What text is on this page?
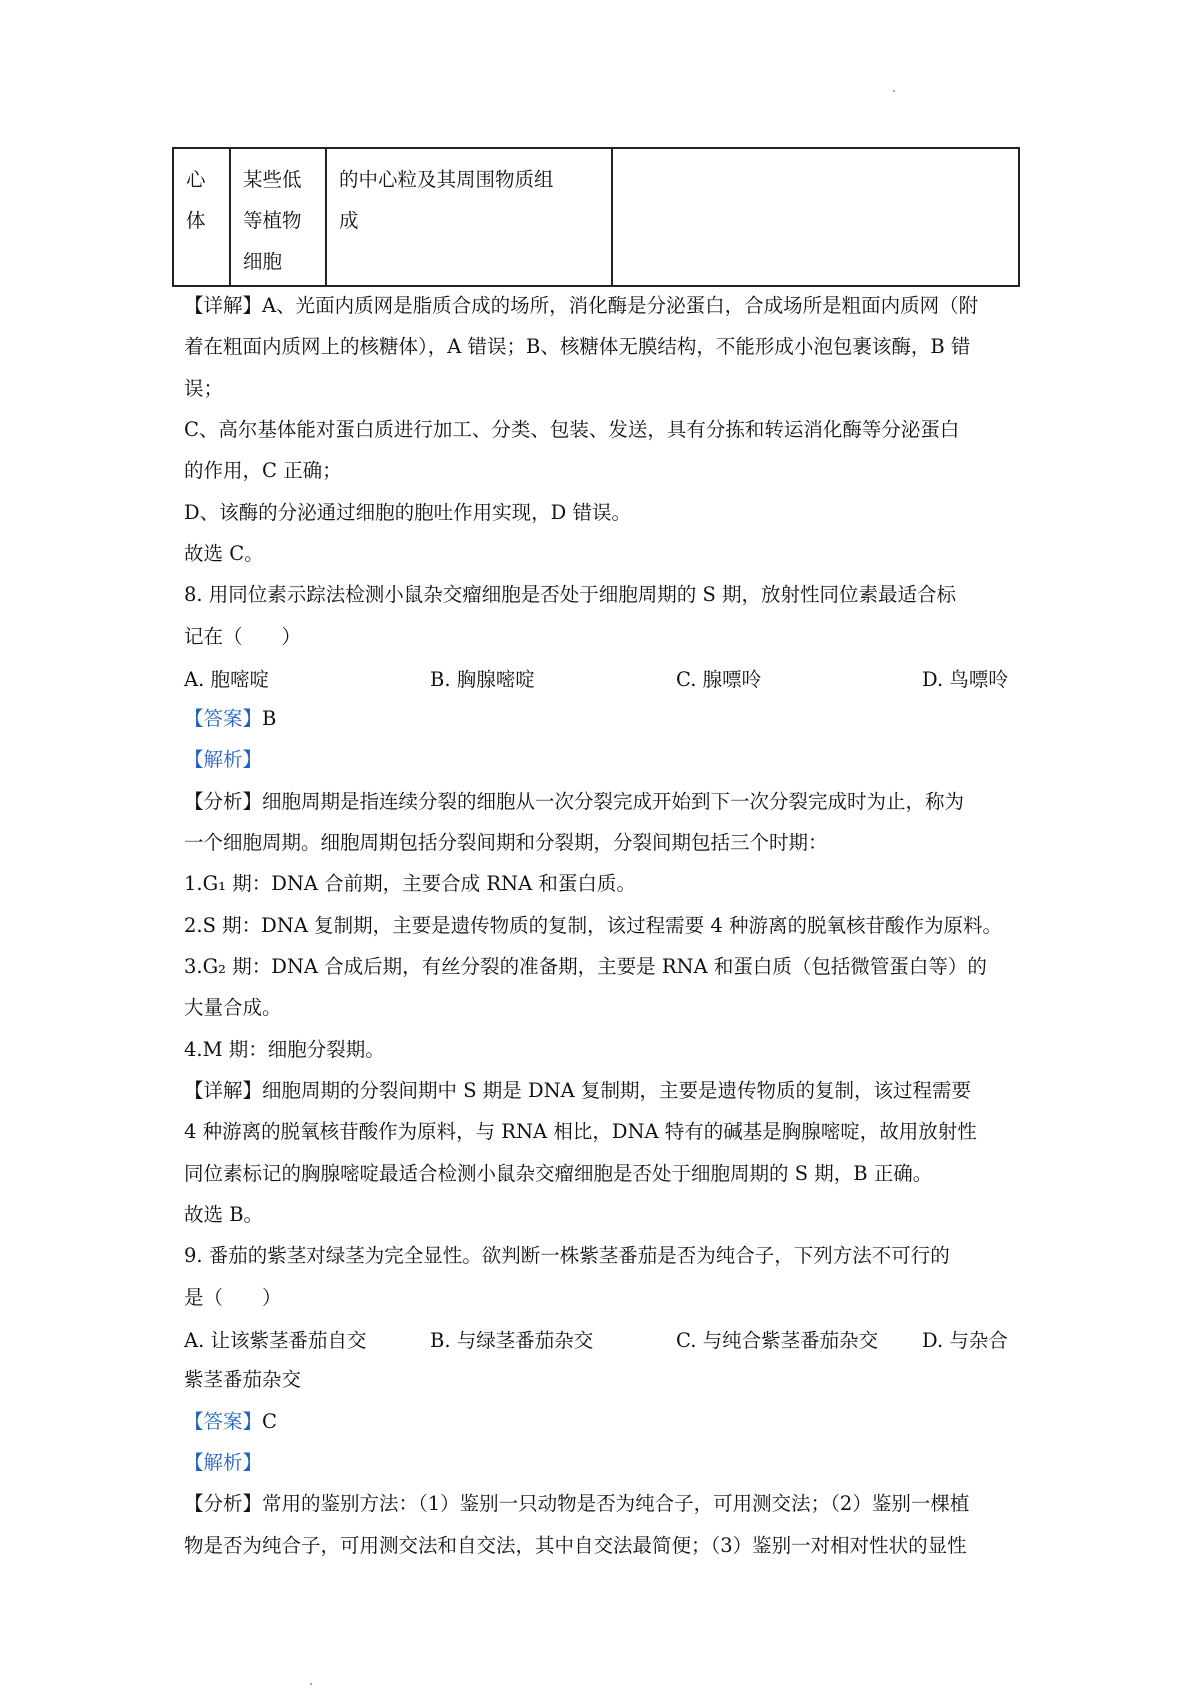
心
体

某些低
等植物
细胞

的中心粒及其周围物质组
成

【详解】A、光面内质网是脂质合成的场所，消化酶是分泌蛋白，合成场所是粗面内质网（附
着在粗面内质网上的核糖体），A 错误；B、核糖体无膜结构，不能形成小泡包裹该酶，B 错
误；
C、高尔基体能对蛋白质进行加工、分类、包装、发送，具有分拣和转运消化酶等分泌蛋白
的作用，C 正确；
D、该酶的分泌通过细胞的胞吐作用实现，D 错误。
故选 C。
8. 用同位素示踪法检测小鼠杂交瘤细胞是否处于细胞周期的 S 期，放射性同位素最适合标
记在（　　）
A. 胞嘧啶	B. 胸腺嘧啶	C. 腺嘌呤	D. 鸟嘌呤
【答案】B
【解析】
【分析】细胞周期是指连续分裂的细胞从一次分裂完成开始到下一次分裂完成时为止，称为
一个细胞周期。细胞周期包括分裂间期和分裂期，分裂间期包括三个时期：
1.G₁ 期：DNA 合前期，主要合成 RNA 和蛋白质。
2.S 期：DNA 复制期，主要是遗传物质的复制，该过程需要 4 种游离的脱氧核苷酸作为原料。
3.G₂ 期：DNA 合成后期，有丝分裂的准备期，主要是 RNA 和蛋白质（包括微管蛋白等）的
大量合成。
4.M 期：细胞分裂期。
【详解】细胞周期的分裂间期中 S 期是 DNA 复制期，主要是遗传物质的复制，该过程需要
4 种游离的脱氧核苷酸作为原料，与 RNA 相比，DNA 特有的碱基是胸腺嘧啶，故用放射性
同位素标记的胸腺嘧啶最适合检测小鼠杂交瘤细胞是否处于细胞周期的 S 期，B 正确。
故选 B。
9. 番茄的紫茎对绿茎为完全显性。欲判断一株紫茎番茄是否为纯合子，下列方法不可行的
是（　　）
A. 让该紫茎番茄自交	B. 与绿茎番茄杂交	C. 与纯合紫茎番茄杂交 D. 与杂合
紫茎番茄杂交
【答案】C
【解析】
【分析】常用的鉴别方法：（1）鉴别一只动物是否为纯合子，可用测交法；（2）鉴别一棵植
物是否为纯合子，可用测交法和自交法，其中自交法最简便；（3）鉴别一对相对性状的显性
